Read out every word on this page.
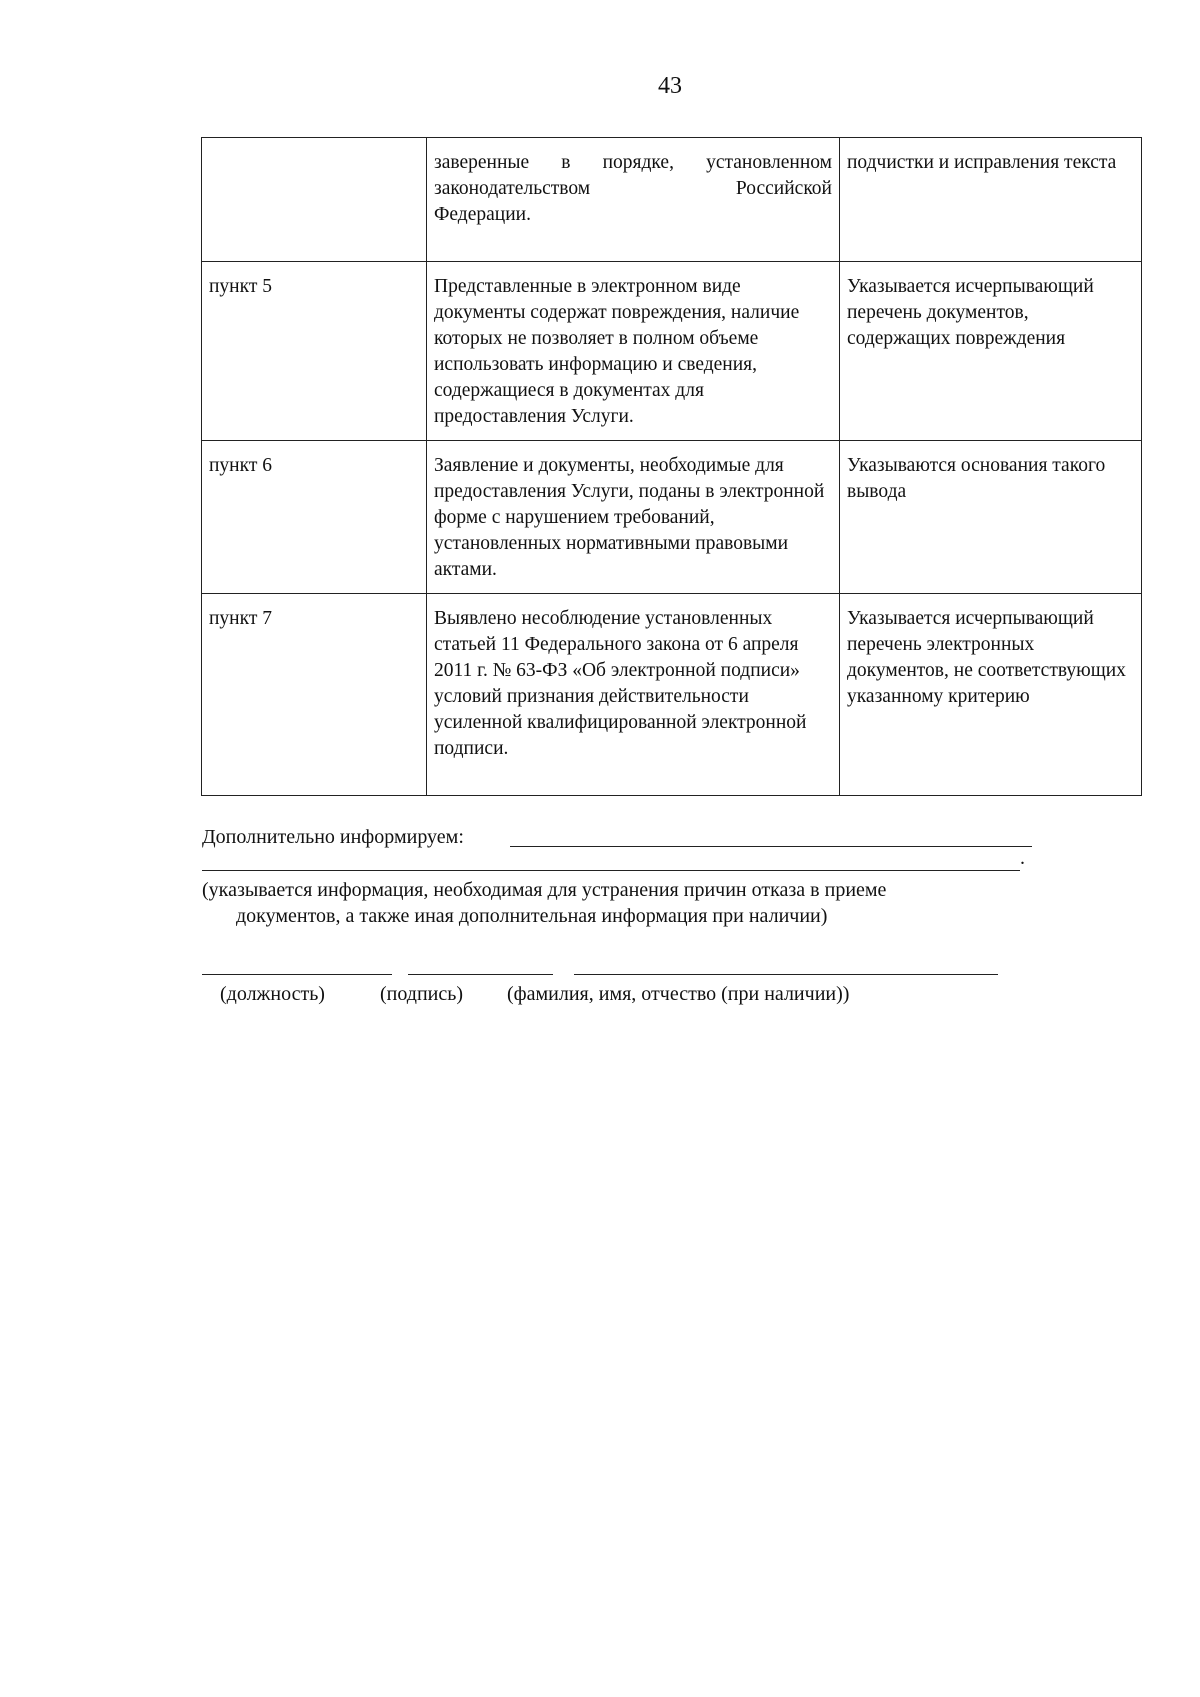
43

	заверенные в порядке, установленном
законодательством Российской
Федерации.	подчистки и исправления текста
пункт 5	Представленные в электронном виде документы содержат повреждения, наличие которых не позволяет в полном объеме использовать информацию и сведения, содержащиеся в документах для предоставления Услуги.	Указывается исчерпывающий перечень документов, содержащих повреждения
пункт 6	Заявление и документы, необходимые для предоставления Услуги, поданы в электронной форме с нарушением требований, установленных нормативными правовыми актами.	Указываются основания такого вывода
пункт 7	Выявлено несоблюдение установленных статьей 11 Федерального закона от 6 апреля 2011 г. № 63-ФЗ «Об электронной подписи» условий признания действительности усиленной квалифицированной электронной подписи.	Указывается исчерпывающий перечень электронных документов, не соответствующих указанному критерию
Дополнительно информируем:
.
(указывается информация, необходимая для устранения причин отказа в приеме
документов, а также иная дополнительная информация при наличии)
(должность)	(подпись) (фамилия, имя, отчество (при наличии))
